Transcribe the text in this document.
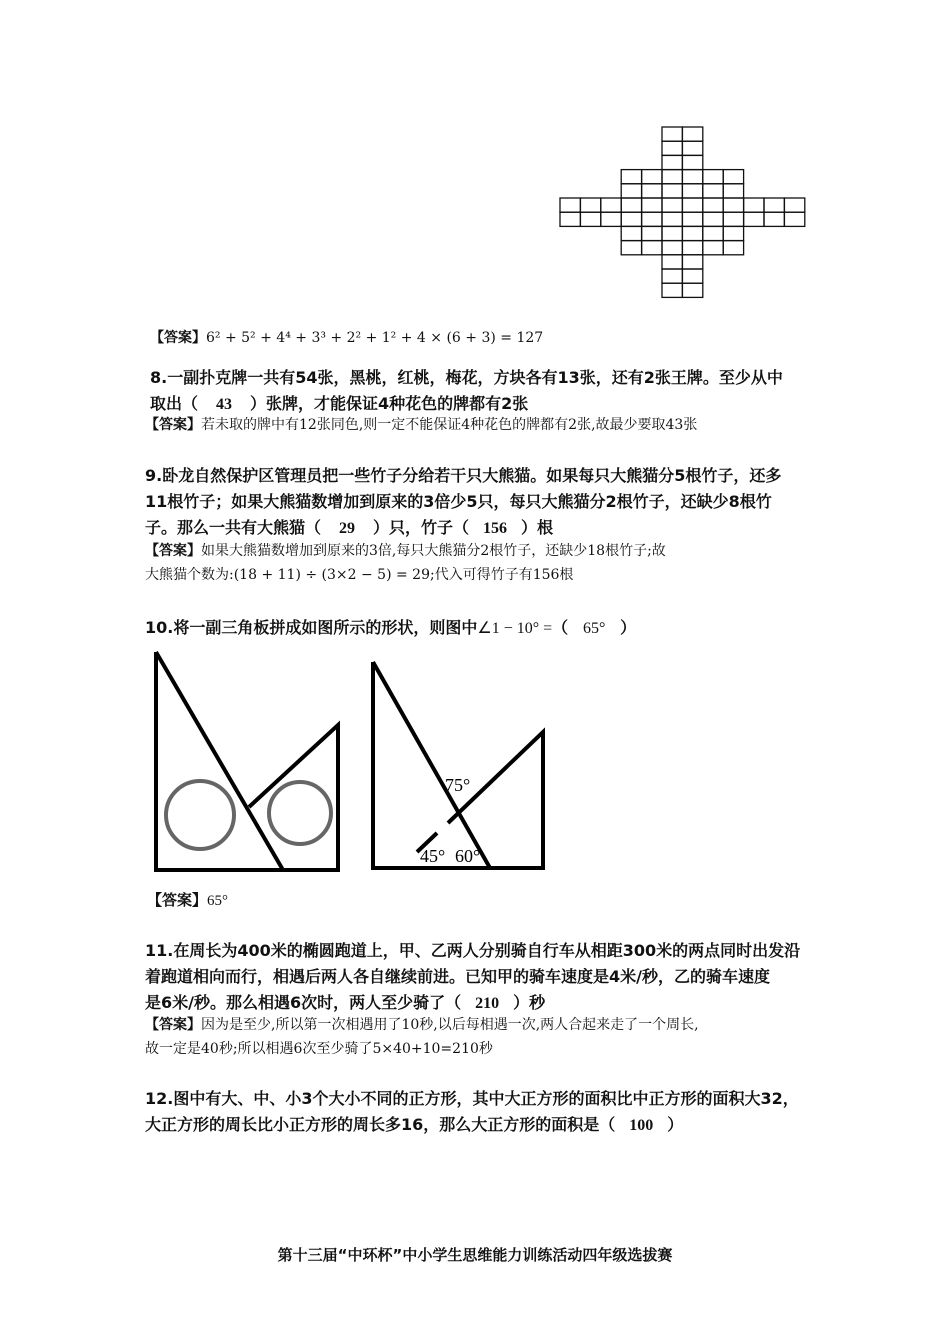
【答案】6² + 5² + 4⁴ + 3³ + 2² + 1² + 4 × (6 + 3) = 127
8.一副扑克牌一共有54张，黑桃，红桃，梅花，方块各有13张，还有2张王牌。至少从中
取出（ 43 ）张牌，才能保证4种花色的牌都有2张
【答案】若未取的牌中有12张同色,则一定不能保证4种花色的牌都有2张,故最少要取43张
9.卧龙自然保护区管理员把一些竹子分给若干只大熊猫。如果每只大熊猫分5根竹子，还多
11根竹子；如果大熊猫数增加到原来的3倍少5只，每只大熊猫分2根竹子，还缺少8根竹
子。那么一共有大熊猫（ 29 ）只，竹子（ 156 ）根
【答案】如果大熊猫数增加到原来的3倍,每只大熊猫分2根竹子，还缺少18根竹子;故
大熊猫个数为:(18 + 11) ÷ (3×2 − 5) = 29;代入可得竹子有156根
10.将一副三角板拼成如图所示的形状，则图中∠1 − 10° =（ 65° ）
75°
45° 60°
【答案】65°
11.在周长为400米的椭圆跑道上，甲、乙两人分别骑自行车从相距300米的两点同时出发沿
着跑道相向而行，相遇后两人各自继续前进。已知甲的骑车速度是4米/秒，乙的骑车速度
是6米/秒。那么相遇6次时，两人至少骑了（ 210 ）秒
【答案】因为是至少,所以第一次相遇用了10秒,以后每相遇一次,两人合起来走了一个周长,
故一定是40秒;所以相遇6次至少骑了5×40+10=210秒
12.图中有大、中、小3个大小不同的正方形，其中大正方形的面积比中正方形的面积大32，
大正方形的周长比小正方形的周长多16，那么大正方形的面积是（ 100 ）
第十三届“中环杯”中小学生思维能力训练活动四年级选拔赛
